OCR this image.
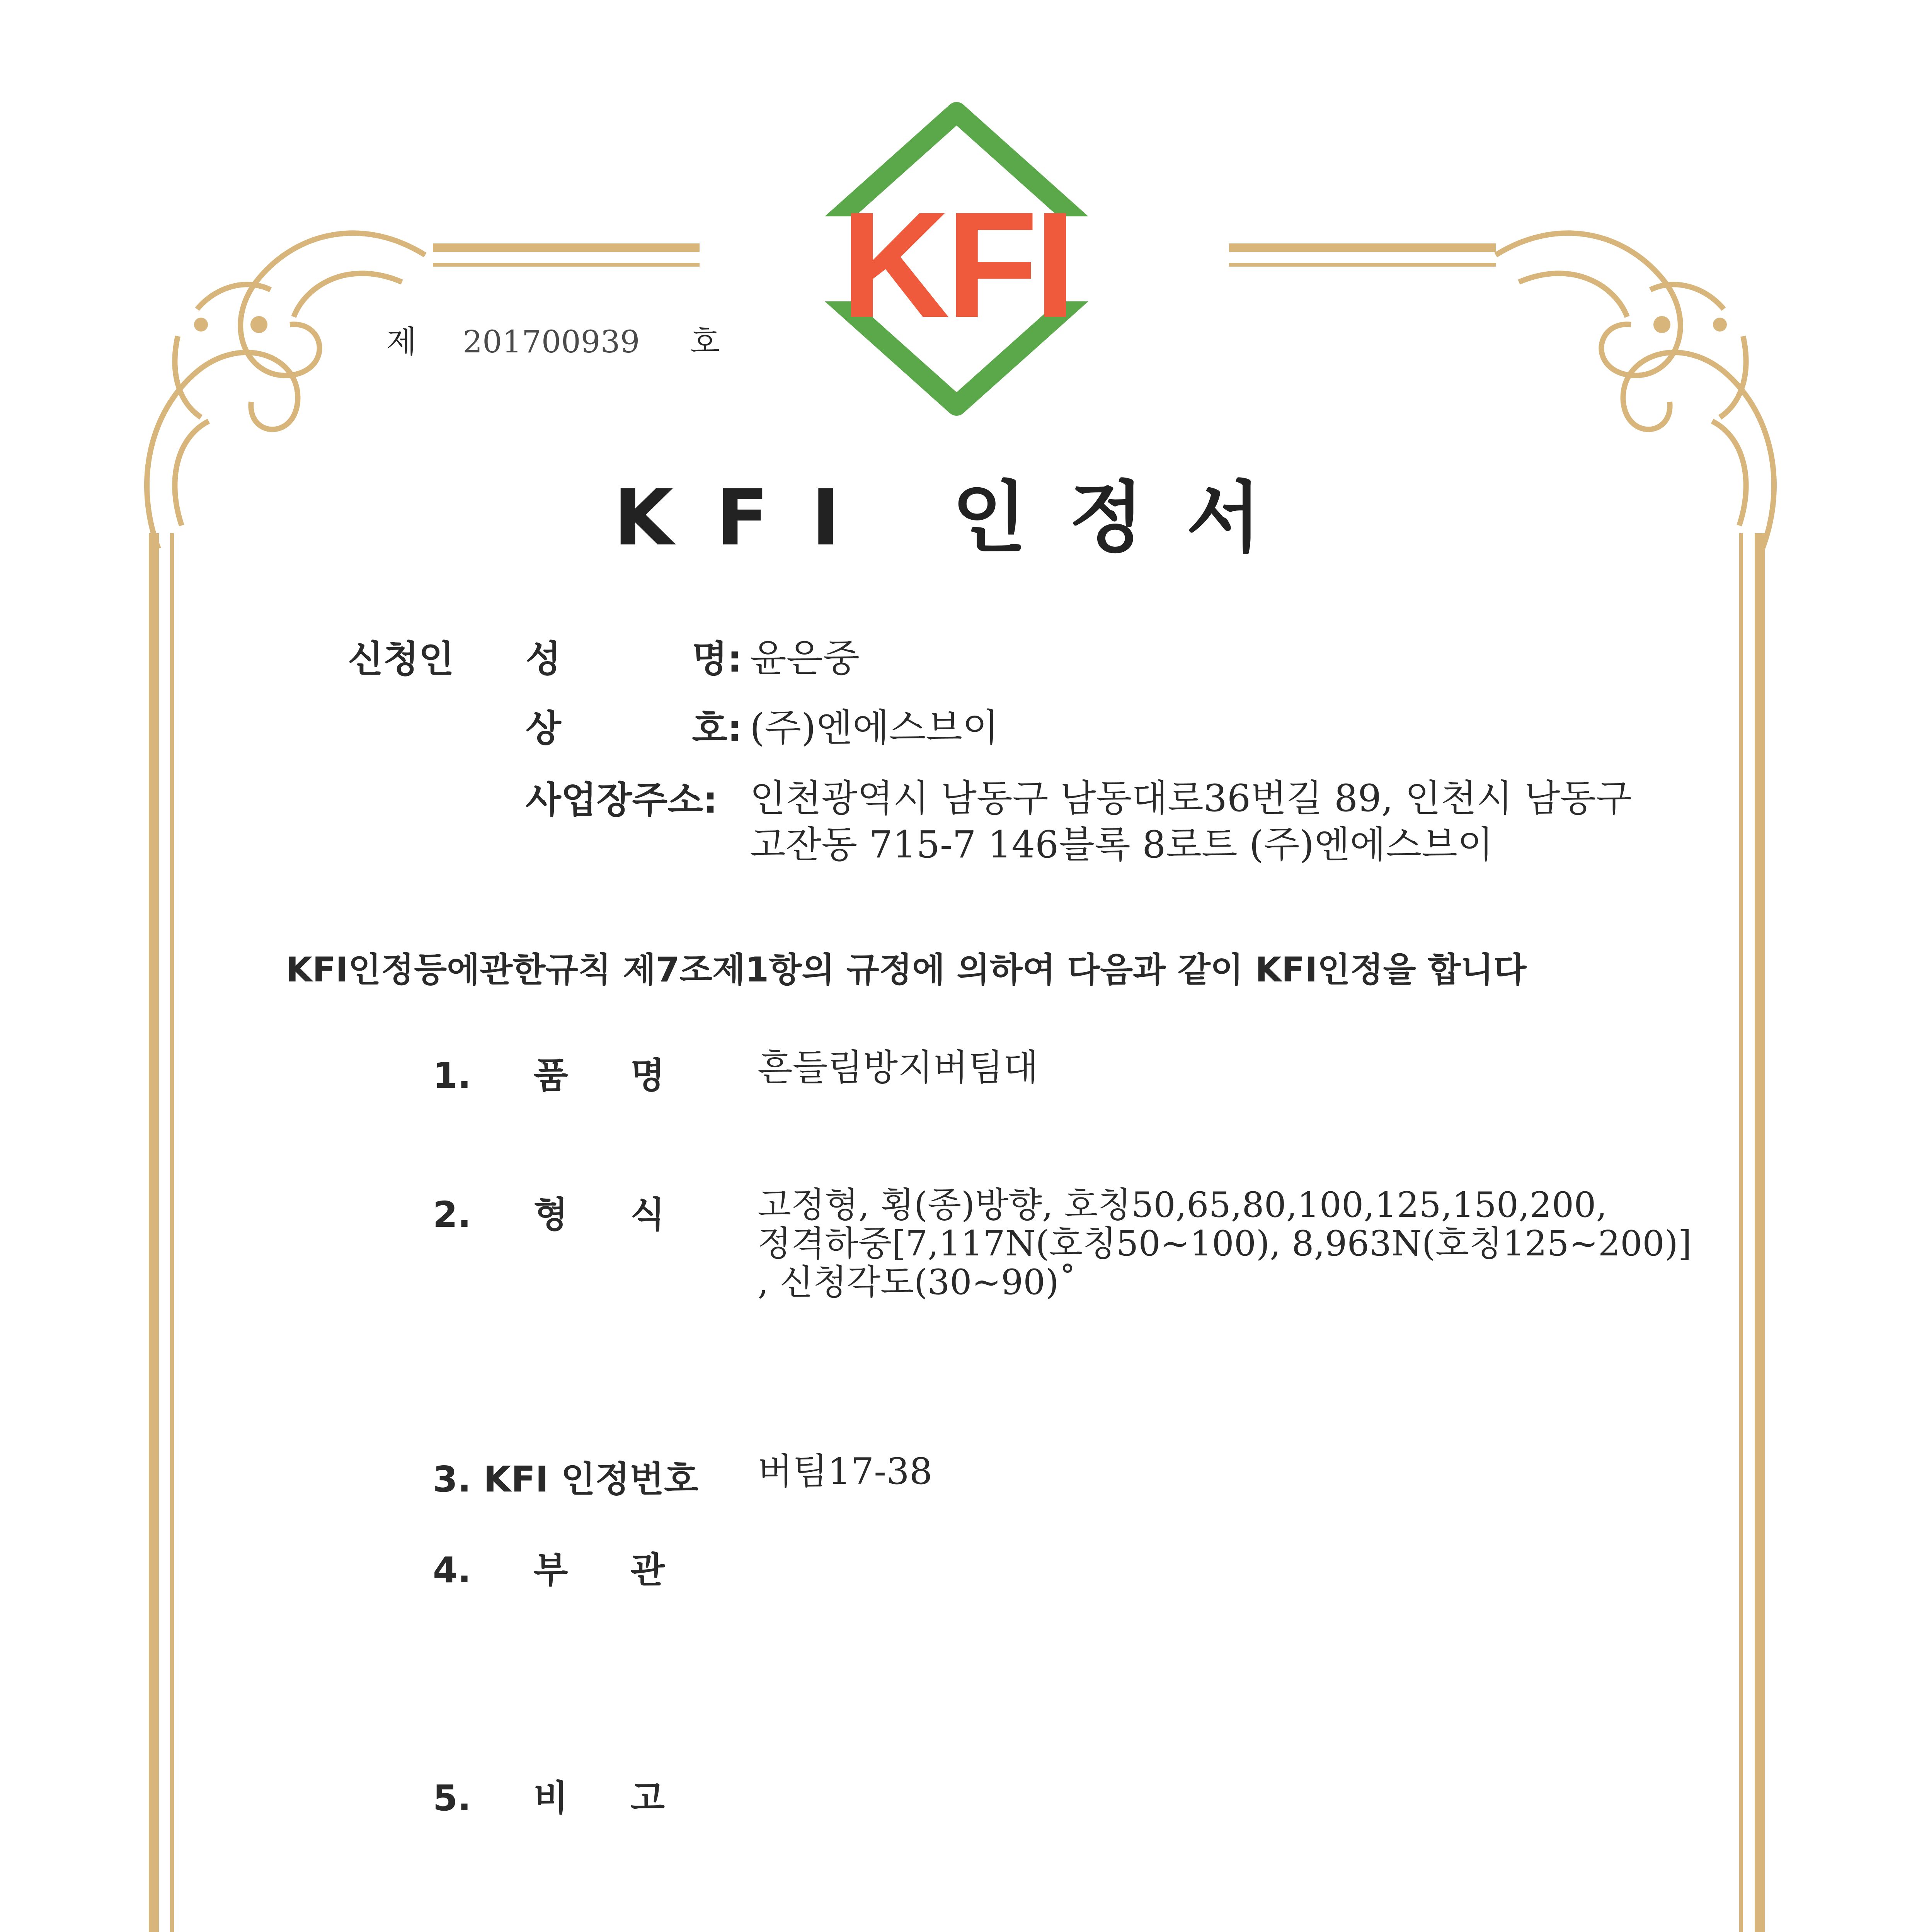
KFI
제 201700939 호
KFI 인정서
신청인 성 명: 윤은중
상 호: (주)엔에스브이
사업장주소: 인천광역시 남동구 남동대로36번길 89, 인천시 남동구
고잔동 715-7 146블록 8로트 (주)엔에스브이
KFI인정등에관한규칙 제7조제1항의 규정에 의하여 다음과 같이 KFI인정을 합니다
1. 품 명	흔들림방지버팀대
2. 형 식	고정형, 횡(종)방향, 호칭50,65,80,100,125,150,200,
정격하중[7,117N(호칭50~100), 8,963N(호칭125~200)]
, 신청각도(30~90)˚
3. KFI 인정번호 버팀17-38
4. 부 관
5. 비 고
